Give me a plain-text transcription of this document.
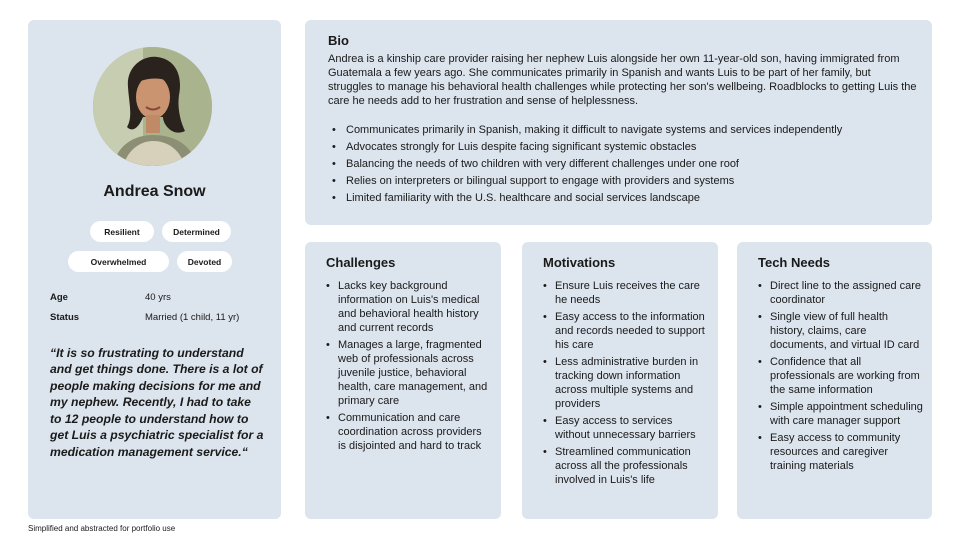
Andrea Snow
Resilient	Determined
Overwhelmed	Devoted
Age	40 yrs
Status	Married (1 child, 11 yr)
“It is so frustrating to understand and get things done. There is a lot of people making decisions for me and my nephew. Recently, I had to take to 12 people to understand how to get Luis a psychiatric specialist for a medication management service.“
Bio
Andrea is a kinship care provider raising her nephew Luis alongside her own 11-year-old son, having immigrated from Guatemala a few years ago. She communicates primarily in Spanish and wants Luis to be part of her family, but struggles to manage his behavioral health challenges while protecting her son's wellbeing. Roadblocks to getting Luis the care he needs add to her frustration and sense of helplessness.
• Communicates primarily in Spanish, making it difficult to navigate systems and services independently
• Advocates strongly for Luis despite facing significant systemic obstacles
• Balancing the needs of two children with very different challenges under one roof
• Relies on interpreters or bilingual support to engage with providers and systems
• Limited familiarity with the U.S. healthcare and social services landscape
Challenges
• Lacks key background information on Luis's medical and behavioral health history and current records
• Manages a large, fragmented web of professionals across juvenile justice, behavioral health, care management, and primary care
• Communication and care coordination across providers is disjointed and hard to track
Motivations
• Ensure Luis receives the care he needs
• Easy access to the information and records needed to support his care
• Less administrative burden in tracking down information across multiple systems and providers
• Easy access to services without unnecessary barriers
• Streamlined communication across all the professionals involved in Luis's life
Tech Needs
• Direct line to the assigned care coordinator
• Single view of full health history, claims, care documents, and virtual ID card
• Confidence that all professionals are working from the same information
• Simple appointment scheduling with care manager support
• Easy access to community resources and caregiver training materials
Simplified and abstracted for portfolio use
